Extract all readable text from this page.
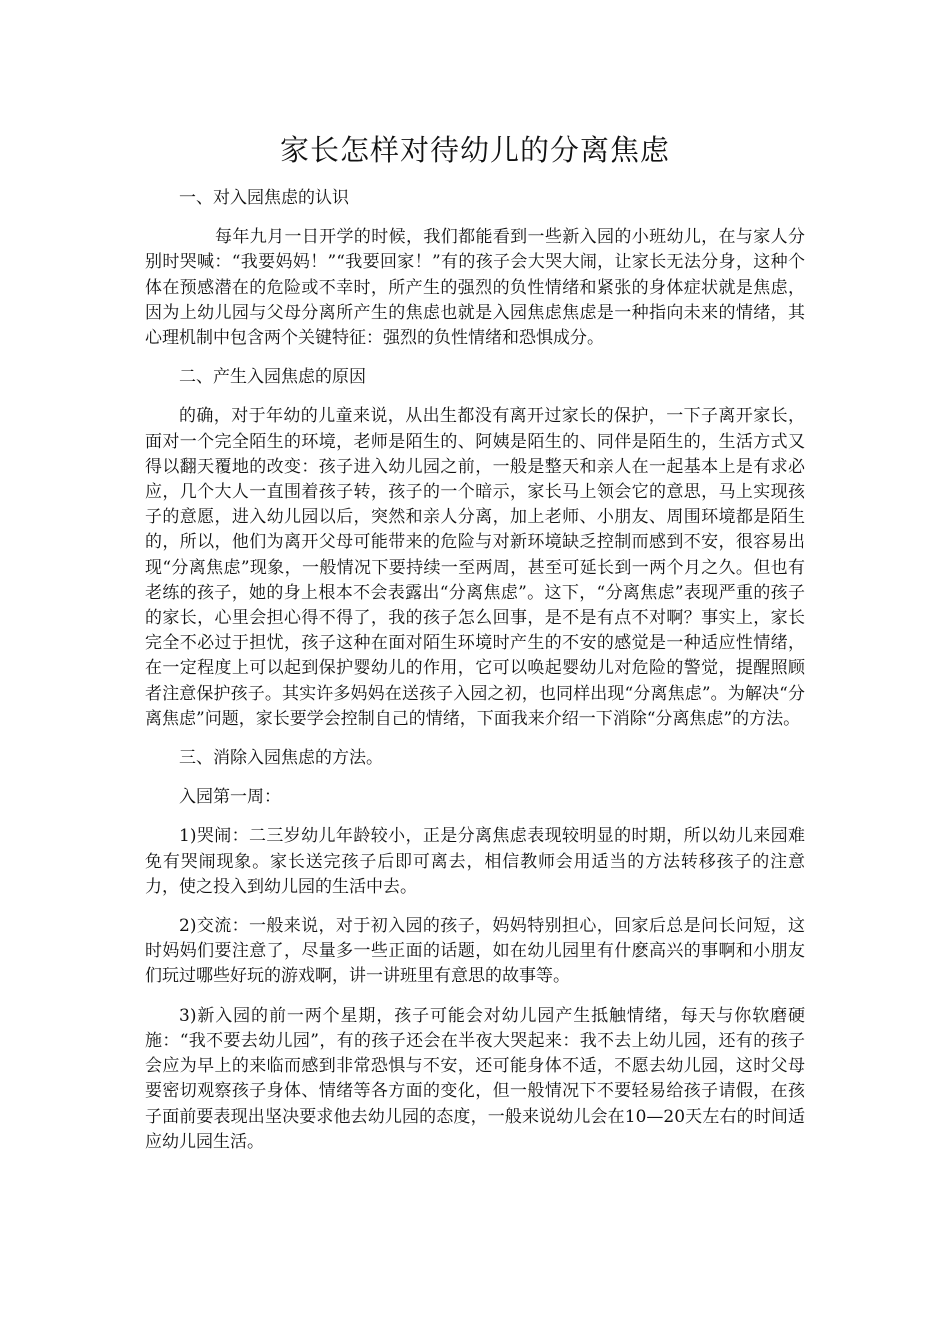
家长怎样对待幼儿的分离焦虑
一、对入园焦虑的认识
每年九月一日开学的时候，我们都能看到一些新入园的小班幼儿，在与家人分别时哭喊：“我要妈妈！”“我要回家！”有的孩子会大哭大闹，让家长无法分身，这种个体在预感潜在的危险或不幸时，所产生的强烈的负性情绪和紧张的身体症状就是焦虑，因为上幼儿园与父母分离所产生的焦虑也就是入园焦虑焦虑是一种指向未来的情绪，其心理机制中包含两个关键特征：强烈的负性情绪和恐惧成分。
二、产生入园焦虑的原因
的确，对于年幼的儿童来说，从出生都没有离开过家长的保护，一下子离开家长，面对一个完全陌生的环境，老师是陌生的、阿姨是陌生的、同伴是陌生的，生活方式又得以翻天覆地的改变：孩子进入幼儿园之前，一般是整天和亲人在一起基本上是有求必应，几个大人一直围着孩子转，孩子的一个暗示，家长马上领会它的意思，马上实现孩子的意愿，进入幼儿园以后，突然和亲人分离，加上老师、小朋友、周围环境都是陌生的，所以，他们为离开父母可能带来的危险与对新环境缺乏控制而感到不安，很容易出现“分离焦虑”现象，一般情况下要持续一至两周，甚至可延长到一两个月之久。但也有老练的孩子，她的身上根本不会表露出“分离焦虑”。这下，“分离焦虑”表现严重的孩子的家长，心里会担心得不得了，我的孩子怎么回事，是不是有点不对啊？事实上，家长完全不必过于担忧，孩子这种在面对陌生环境时产生的不安的感觉是一种适应性情绪，在一定程度上可以起到保护婴幼儿的作用，它可以唤起婴幼儿对危险的警觉，提醒照顾者注意保护孩子。其实许多妈妈在送孩子入园之初，也同样出现“分离焦虑”。为解决“分离焦虑”问题，家长要学会控制自己的情绪，下面我来介绍一下消除“分离焦虑”的方法。
三、消除入园焦虑的方法。
入园第一周：
1)哭闹：二三岁幼儿年龄较小，正是分离焦虑表现较明显的时期，所以幼儿来园难免有哭闹现象。家长送完孩子后即可离去，相信教师会用适当的方法转移孩子的注意力，使之投入到幼儿园的生活中去。
2)交流：一般来说，对于初入园的孩子，妈妈特别担心，回家后总是问长问短，这时妈妈们要注意了，尽量多一些正面的话题，如在幼儿园里有什麽高兴的事啊和小朋友们玩过哪些好玩的游戏啊，讲一讲班里有意思的故事等。
3)新入园的前一两个星期，孩子可能会对幼儿园产生抵触情绪，每天与你软磨硬施：“我不要去幼儿园”，有的孩子还会在半夜大哭起来：我不去上幼儿园，还有的孩子会应为早上的来临而感到非常恐惧与不安，还可能身体不适，不愿去幼儿园，这时父母要密切观察孩子身体、情绪等各方面的变化，但一般情况下不要轻易给孩子请假，在孩子面前要表现出坚决要求他去幼儿园的态度，一般来说幼儿会在10—20天左右的时间适应幼儿园生活。
